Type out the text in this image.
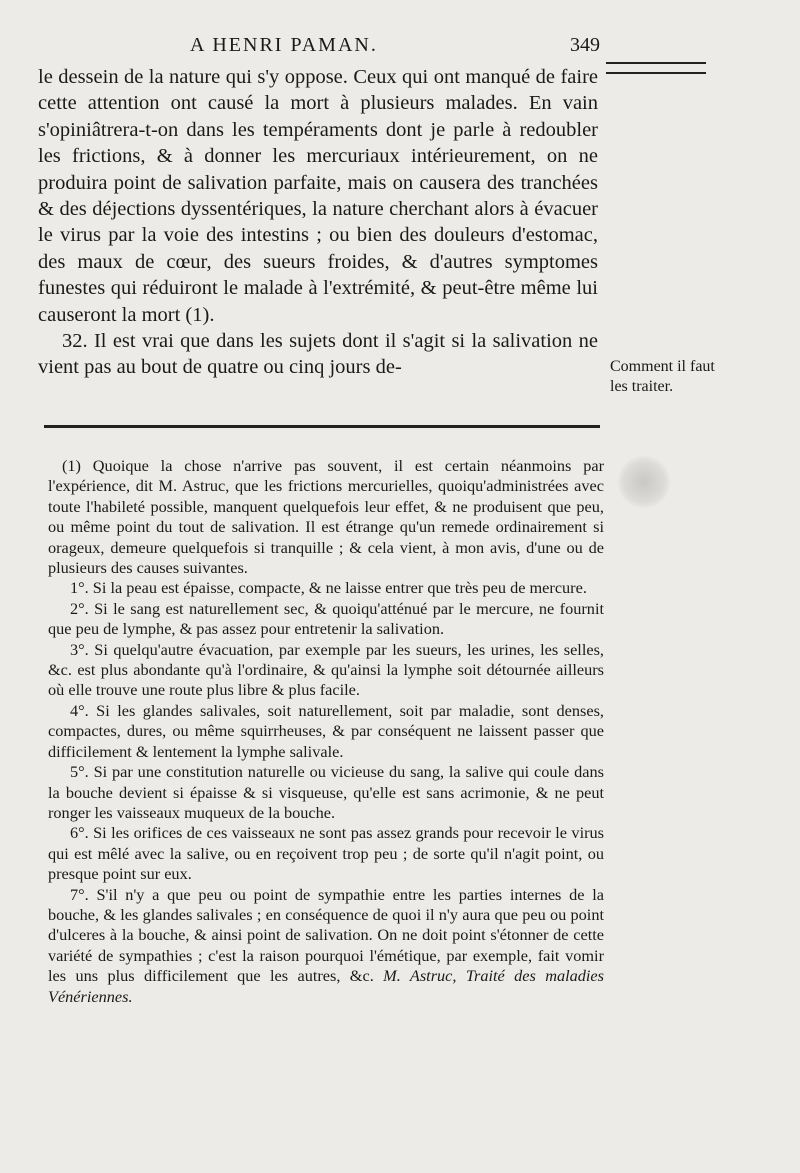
A HENRI PAMAN.	349

le dessein de la nature qui s'y oppose. Ceux qui ont manqué de faire cette attention ont causé la mort à plusieurs malades. En vain s'opiniâtrera-t-on dans les tempéraments dont je parle à redoubler les frictions, & à donner les mercuriaux intérieurement, on ne produira point de salivation parfaite, mais on causera des tranchées & des déjections dyssentériques, la nature cherchant alors à évacuer le virus par la voie des intestins ; ou bien des douleurs d'estomac, des maux de cœur, des sueurs froides, & d'autres symptomes funestes qui réduiront le malade à l'extrémité, & peut-être même lui causeront la mort (1).

32. Il est vrai que dans les sujets dont il s'agit si la salivation ne vient pas au bout de quatre ou cinq jours de-	Comment il faut les traiter.

(1) Quoique la chose n'arrive pas souvent, il est certain néanmoins par l'expérience, dit M. Astruc, que les frictions mercurielles, quoiqu'administrées avec toute l'habileté possible, manquent quelquefois leur effet, & ne produisent que peu, ou même point du tout de salivation. Il est étrange qu'un remede ordinairement si orageux, demeure quelquefois si tranquille ; & cela vient, à mon avis, d'une ou de plusieurs des causes suivantes.

1°. Si la peau est épaisse, compacte, & ne laisse entrer que très peu de mercure.

2°. Si le sang est naturellement sec, & quoiqu'atténué par le mercure, ne fournit que peu de lymphe, & pas assez pour entretenir la salivation.

3°. Si quelqu'autre évacuation, par exemple par les sueurs, les urines, les selles, &c. est plus abondante qu'à l'ordinaire, & qu'ainsi la lymphe soit détournée ailleurs où elle trouve une route plus libre & plus facile.

4°. Si les glandes salivales, soit naturellement, soit par maladie, sont denses, compactes, dures, ou même squirrheuses, & par conséquent ne laissent passer que difficilement & lentement la lymphe salivale.

5°. Si par une constitution naturelle ou vicieuse du sang, la salive qui coule dans la bouche devient si épaisse & si visqueuse, qu'elle est sans acrimonie, & ne peut ronger les vaisseaux muqueux de la bouche.

6°. Si les orifices de ces vaisseaux ne sont pas assez grands pour recevoir le virus qui est mêlé avec la salive, ou en reçoivent trop peu ; de sorte qu'il n'agit point, ou presque point sur eux.

7°. S'il n'y a que peu ou point de sympathie entre les parties internes de la bouche, & les glandes salivales ; en conséquence de quoi il n'y aura que peu ou point d'ulceres à la bouche, & ainsi point de salivation. On ne doit point s'étonner de cette variété de sympathies ; c'est la raison pourquoi l'émétique, par exemple, fait vomir les uns plus difficilement que les autres, &c. M. Astruc, Traité des maladies Vénériennes.
